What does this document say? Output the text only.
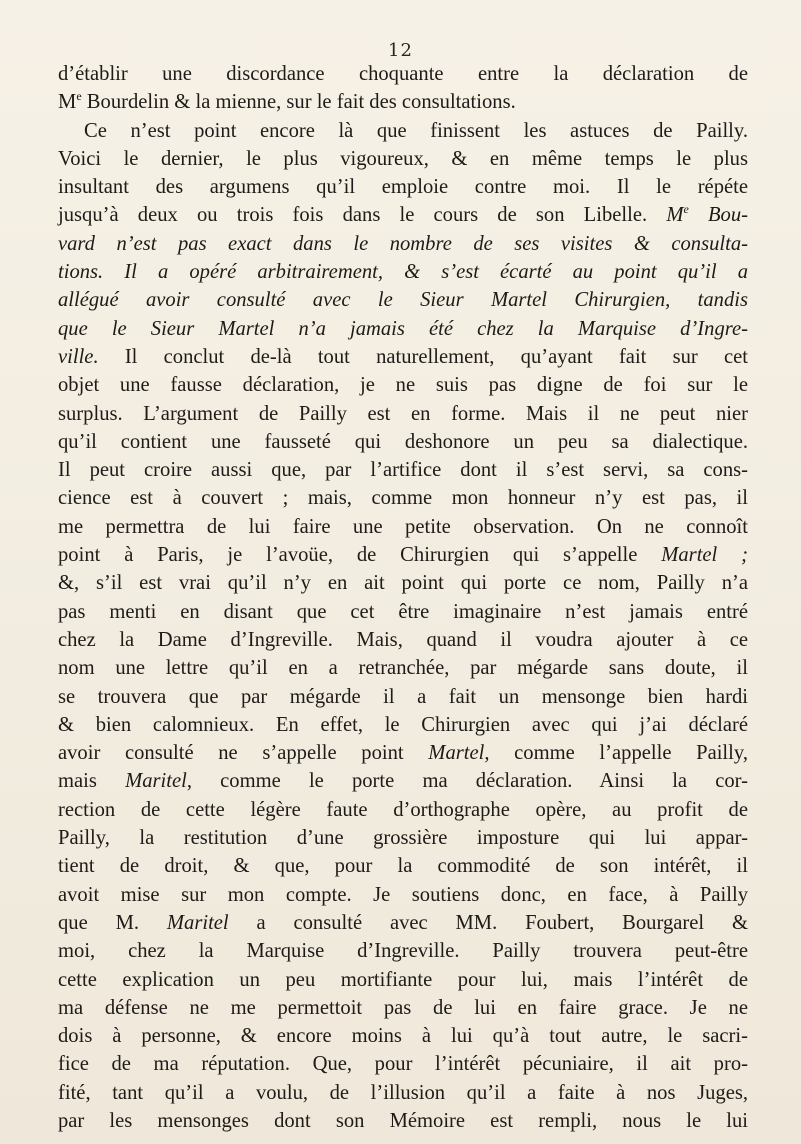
12
d’établir une discordance choquante entre la déclaration de
Me Bourdelin & la mienne, sur le fait des consultations.
Ce n’est point encore là que finissent les astuces de Pailly.
Voici le dernier, le plus vigoureux, & en même temps le plus
insultant des argumens qu’il emploie contre moi. Il le répéte
jusqu’à deux ou trois fois dans le cours de son Libelle. Me Bou-
vard n’est pas exact dans le nombre de ses visites & consulta-
tions. Il a opéré arbitrairement, & s’est écarté au point qu’il a
allégué avoir consulté avec le Sieur Martel Chirurgien, tandis
que le Sieur Martel n’a jamais été chez la Marquise d’Ingre-
ville. Il conclut de-là tout naturellement, qu’ayant fait sur cet
objet une fausse déclaration, je ne suis pas digne de foi sur le
surplus. L’argument de Pailly est en forme. Mais il ne peut nier
qu’il contient une fausseté qui deshonore un peu sa dialectique.
Il peut croire aussi que, par l’artifice dont il s’est servi, sa cons-
cience est à couvert ; mais, comme mon honneur n’y est pas, il
me permettra de lui faire une petite observation. On ne connoît
point à Paris, je l’avoüe, de Chirurgien qui s’appelle Martel ;
&, s’il est vrai qu’il n’y en ait point qui porte ce nom, Pailly n’a
pas menti en disant que cet être imaginaire n’est jamais entré
chez la Dame d’Ingreville. Mais, quand il voudra ajouter à ce
nom une lettre qu’il en a retranchée, par mégarde sans doute, il
se trouvera que par mégarde il a fait un mensonge bien hardi
& bien calomnieux. En effet, le Chirurgien avec qui j’ai déclaré
avoir consulté ne s’appelle point Martel, comme l’appelle Pailly,
mais Maritel, comme le porte ma déclaration. Ainsi la cor-
rection de cette légère faute d’orthographe opère, au profit de
Pailly, la restitution d’une grossière imposture qui lui appar-
tient de droit, & que, pour la commodité de son intérêt, il
avoit mise sur mon compte. Je soutiens donc, en face, à Pailly
que M. Maritel a consulté avec MM. Foubert, Bourgarel &
moi, chez la Marquise d’Ingreville. Pailly trouvera peut-être
cette explication un peu mortifiante pour lui, mais l’intérêt de
ma défense ne me permettoit pas de lui en faire grace. Je ne
dois à personne, & encore moins à lui qu’à tout autre, le sacri-
fice de ma réputation. Que, pour l’intérêt pécuniaire, il ait pro-
fité, tant qu’il a voulu, de l’illusion qu’il a faite à nos Juges,
par les mensonges dont son Mémoire est rempli, nous le lui
